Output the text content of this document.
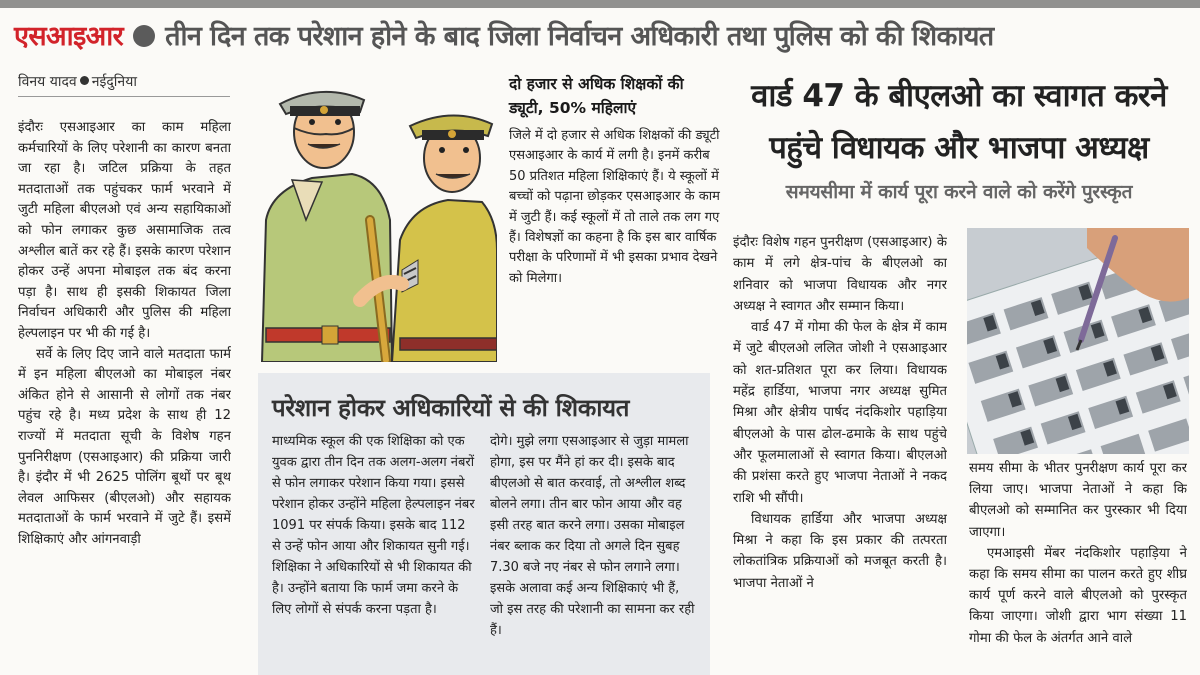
एसआइआर तीन दिन तक परेशान होने के बाद जिला निर्वाचन अधिकारी तथा पुलिस को की शिकायत
विनय यादव नईदुनिया

इंदौरः एसआइआर का काम महिला कर्मचारियों के लिए परेशानी का कारण बनता जा रहा है। जटिल प्रक्रिया के तहत मतदाताओं तक पहुंचकर फार्म भरवाने में जुटी महिला बीएलओ एवं अन्य सहायिकाओं को फोन लगाकर कुछ असामाजिक तत्व अश्लील बातें कर रहे हैं। इसके कारण परेशान होकर उन्हें अपना मोबाइल तक बंद करना पड़ा है। साथ ही इसकी शिकायत जिला निर्वाचन अधिकारी और पुलिस की महिला हेल्पलाइन पर भी की गई है।

सर्वे के लिए दिए जाने वाले मतदाता फार्म में इन महिला बीएलओ का मोबाइल नंबर अंकित होने से आसानी से लोगों तक नंबर पहुंच रहे है। मध्य प्रदेश के साथ ही 12 राज्यों में मतदाता सूची के विशेष गहन पुननिरीक्षण (एसआइआर) की प्रक्रिया जारी है। इंदौर में भी 2625 पोलिंग बूथों पर बूथ लेवल आफिसर (बीएलओ) और सहायक मतदाताओं के फार्म भरवाने में जुटे हैं। इसमें शिक्षिकाएं और आंगनवाड़ी

दो हजार से अधिक शिक्षकों की ड्यूटी, 50% महिलाएं
जिले में दो हजार से अधिक शिक्षकों की ड्यूटी एसआइआर के कार्य में लगी है। इनमें करीब 50 प्रतिशत महिला शिक्षिकाएं हैं। ये स्कूलों में बच्चों को पढ़ाना छोड़कर एसआइआर के काम में जुटी हैं। कई स्कूलों में तो ताले तक लग गए हैं। विशेषज्ञों का कहना है कि इस बार वार्षिक परीक्षा के परिणामों में भी इसका प्रभाव देखने को मिलेगा।
परेशान होकर अधिकारियों से की शिकायत
माध्यमिक स्कूल की एक शिक्षिका को एक युवक द्वारा तीन दिन तक अलग-अलग नंबरों से फोन लगाकर परेशान किया गया। इससे परेशान होकर उन्होंने महिला हेल्पलाइन नंबर 1091 पर संपर्क किया। इसके बाद 112 से उन्हें फोन आया और शिकायत सुनी गई। शिक्षिका ने अधिकारियों से भी शिकायत की है। उन्होंने बताया कि फार्म जमा करने के लिए लोगों से संपर्क करना पड़ता है।
दोगे। मुझे लगा एसआइआर से जुड़ा मामला होगा, इस पर मैंने हां कर दी। इसके बाद बीएलओ से बात करवाई, तो अश्लील शब्द बोलने लगा। तीन बार फोन आया और वह इसी तरह बात करने लगा। उसका मोबाइल नंबर ब्लाक कर दिया तो अगले दिन सुबह 7.30 बजे नए नंबर से फोन लगाने लगा। इसके अलावा कई अन्य शिक्षिकाएं भी हैं, जो इस तरह की परेशानी का सामना कर रही हैं।
वार्ड 47 के बीएलओ का स्वागत करने पहुंचे विधायक और भाजपा अध्यक्ष
समयसीमा में कार्य पूरा करने वाले को करेंगे पुरस्कृत

इंदौरः विशेष गहन पुनरीक्षण (एसआइआर) के काम में लगे क्षेत्र-पांच के बीएलओ का शनिवार को भाजपा विधायक और नगर अध्यक्ष ने स्वागत और सम्मान किया।

वार्ड 47 में गोमा की फेल के क्षेत्र में काम में जुटे बीएलओ ललित जोशी ने एसआइआर को शत-प्रतिशत पूरा कर लिया। विधायक महेंद्र हार्डिया, भाजपा नगर अध्यक्ष सुमित मिश्रा और क्षेत्रीय पार्षद नंदकिशोर पहाड़िया बीएलओ के पास ढोल-ढमाके के साथ पहुंचे और फूलमालाओं से स्वागत किया। बीएलओ की प्रशंसा करते हुए भाजपा नेताओं ने नकद राशि भी सौंपी।

विधायक हार्डिया और भाजपा अध्यक्ष मिश्रा ने कहा कि इस प्रकार की तत्परता लोकतांत्रिक प्रक्रियाओं को मजबूत करती है। भाजपा नेताओं ने

समय सीमा के भीतर पुनरीक्षण कार्य पूरा कर लिया जाए। भाजपा नेताओं ने कहा कि बीएलओ को सम्मानित कर पुरस्कार भी दिया जाएगा।

एमआइसी मेंबर नंदकिशोर पहाड़िया ने कहा कि समय सीमा का पालन करते हुए शीघ्र कार्य पूर्ण करने वाले बीएलओ को पुरस्कृत किया जाएगा। जोशी द्वारा भाग संख्या 11 गोमा की फेल के अंतर्गत आने वाले
